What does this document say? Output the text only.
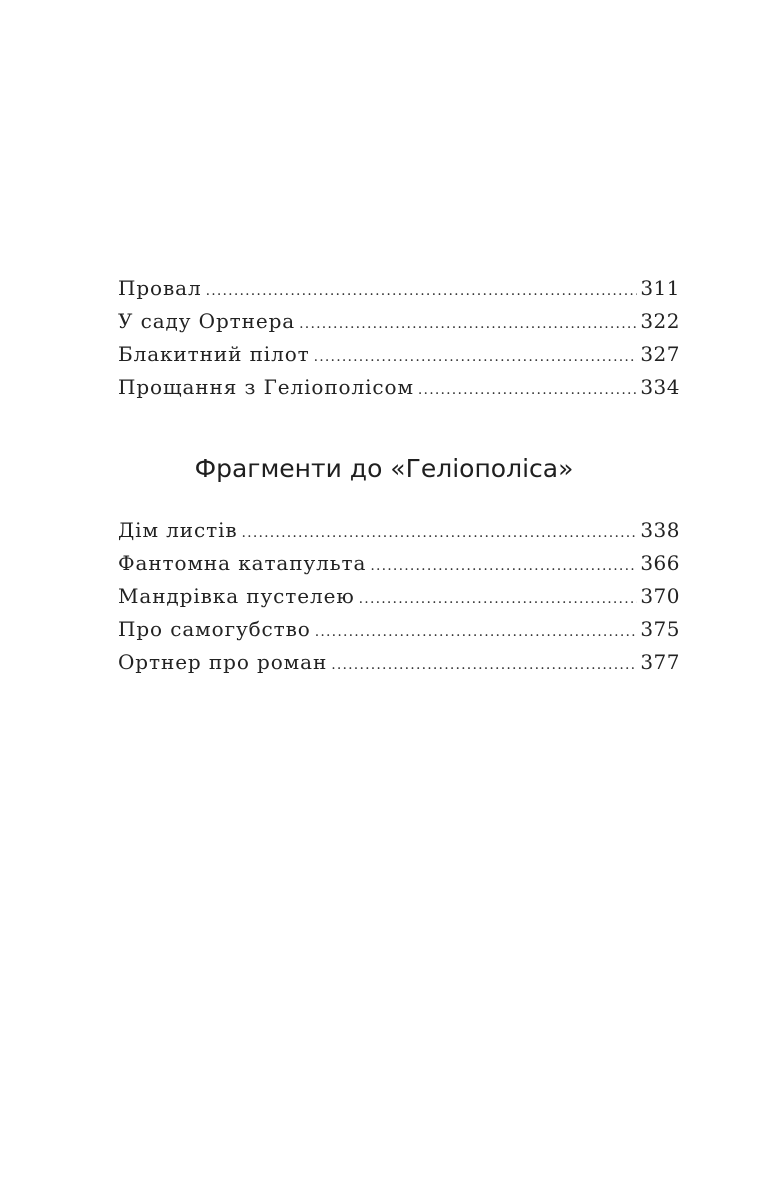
Провал .....	311
У саду Ортнера .....	322
Блакитний пілот .....	327
Прощання з Геліополісом .....	334
Фрагменти до «Геліополіса»
Дім листів .....	338
Фантомна катапульта .....	366
Мандрівка пустелею .....	370
Про самогубство .....	375
Ортнер про роман .....	377
